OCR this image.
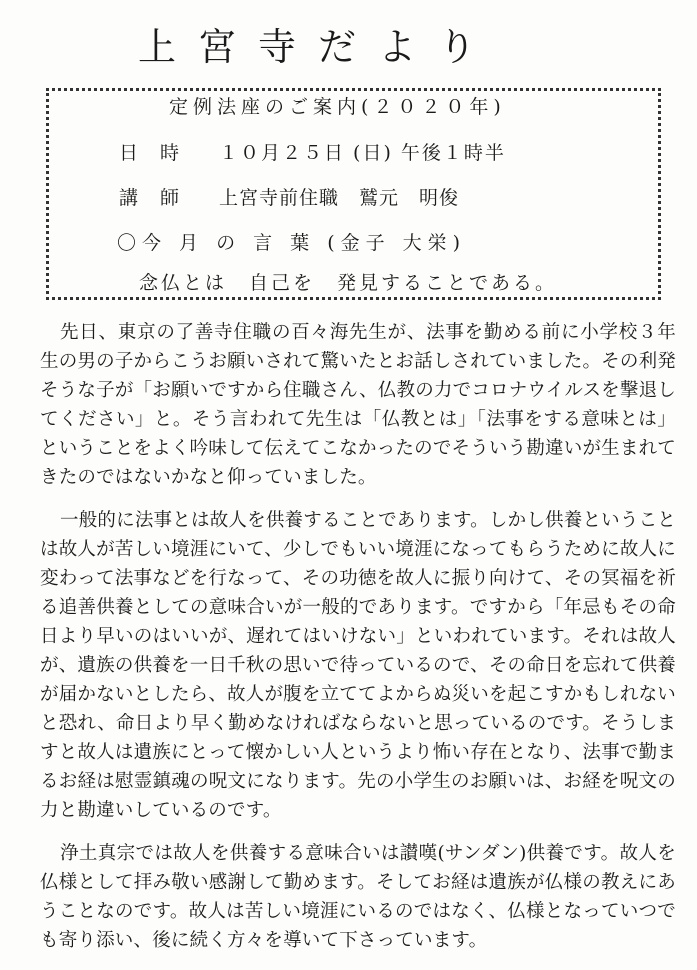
上宮寺だより
定例法座のご案内(２０２０年)
日時 １０月２５日 (日) 午後１時半
講師 上宮寺前住職　鷲元　明俊
〇今 月 の 言 葉 (金子 大栄)
念仏とは　自己を　発見することである。

先日、東京の了善寺住職の百々海先生が、法事を勤める前に小学校３年生の男の子からこうお願いされて驚いたとお話しされていました。その利発そうな子が「お願いですから住職さん、仏教の力でコロナウイルスを撃退してください」と。そう言われて先生は「仏教とは」「法事をする意味とは」ということをよく吟味して伝えてこなかったのでそういう勘違いが生まれてきたのではないかなと仰っていました。

一般的に法事とは故人を供養することであります。しかし供養ということは故人が苦しい境涯にいて、少しでもいい境涯になってもらうために故人に変わって法事などを行なって、その功徳を故人に振り向けて、その冥福を祈る追善供養としての意味合いが一般的であります。ですから「年忌もその命日より早いのはいいが、遅れてはいけない」といわれています。それは故人が、遺族の供養を一日千秋の思いで待っているので、その命日を忘れて供養が届かないとしたら、故人が腹を立ててよからぬ災いを起こすかもしれないと恐れ、命日より早く勤めなければならないと思っているのです。そうしますと故人は遺族にとって懐かしい人というより怖い存在となり、法事で勤まるお経は慰霊鎮魂の呪文になります。先の小学生のお願いは、お経を呪文の力と勘違いしているのです。

浄土真宗では故人を供養する意味合いは讃嘆(サンダン)供養です。故人を仏様として拝み敬い感謝して勤めます。そしてお経は遺族が仏様の教えにあうことなのです。故人は苦しい境涯にいるのではなく、仏様となっていつでも寄り添い、後に続く方々を導いて下さっています。
